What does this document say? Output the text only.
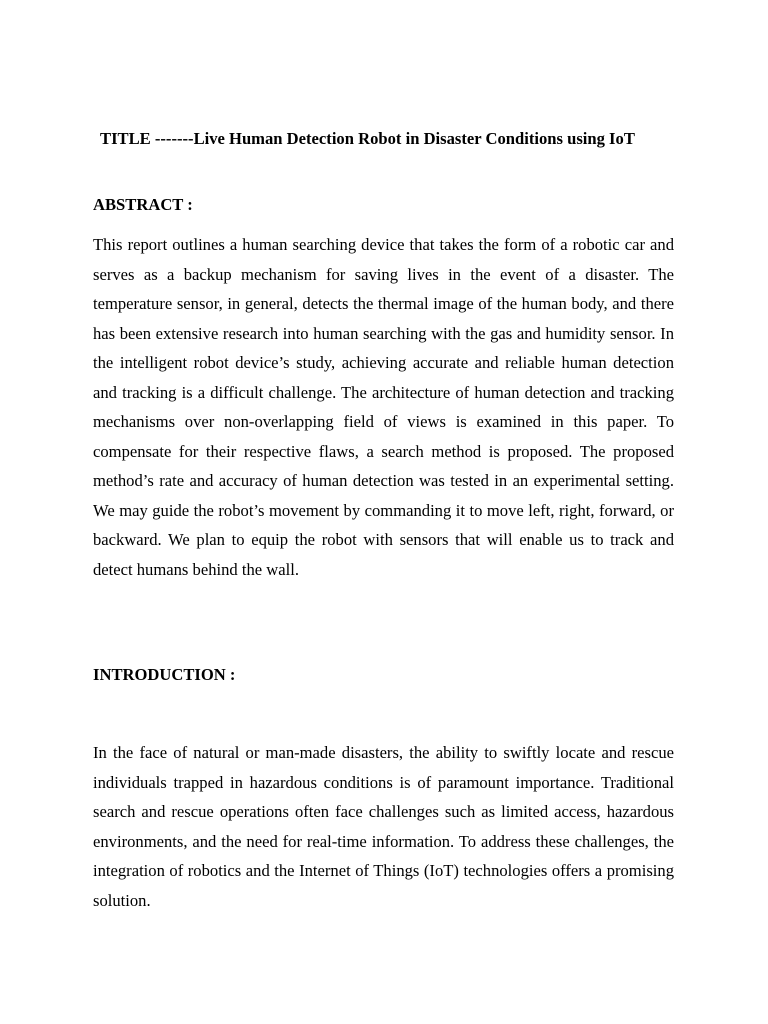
TITLE -------Live Human Detection Robot in Disaster Conditions using IoT
ABSTRACT :
This report outlines a human searching device that takes the form of a robotic car and serves as a backup mechanism for saving lives in the event of a disaster. The temperature sensor, in general, detects the thermal image of the human body, and there has been extensive research into human searching with the gas and humidity sensor. In the intelligent robot device’s study, achieving accurate and reliable human detection and tracking is a difficult challenge. The architecture of human detection and tracking mechanisms over non-overlapping field of views is examined in this paper. To compensate for their respective flaws, a search method is proposed. The proposed method’s rate and accuracy of human detection was tested in an experimental setting. We may guide the robot’s movement by commanding it to move left, right, forward, or backward. We plan to equip the robot with sensors that will enable us to track and detect humans behind the wall.
INTRODUCTION :
In the face of natural or man-made disasters, the ability to swiftly locate and rescue individuals trapped in hazardous conditions is of paramount importance. Traditional search and rescue operations often face challenges such as limited access, hazardous environments, and the need for real-time information. To address these challenges, the integration of robotics and the Internet of Things (IoT) technologies offers a promising solution.
